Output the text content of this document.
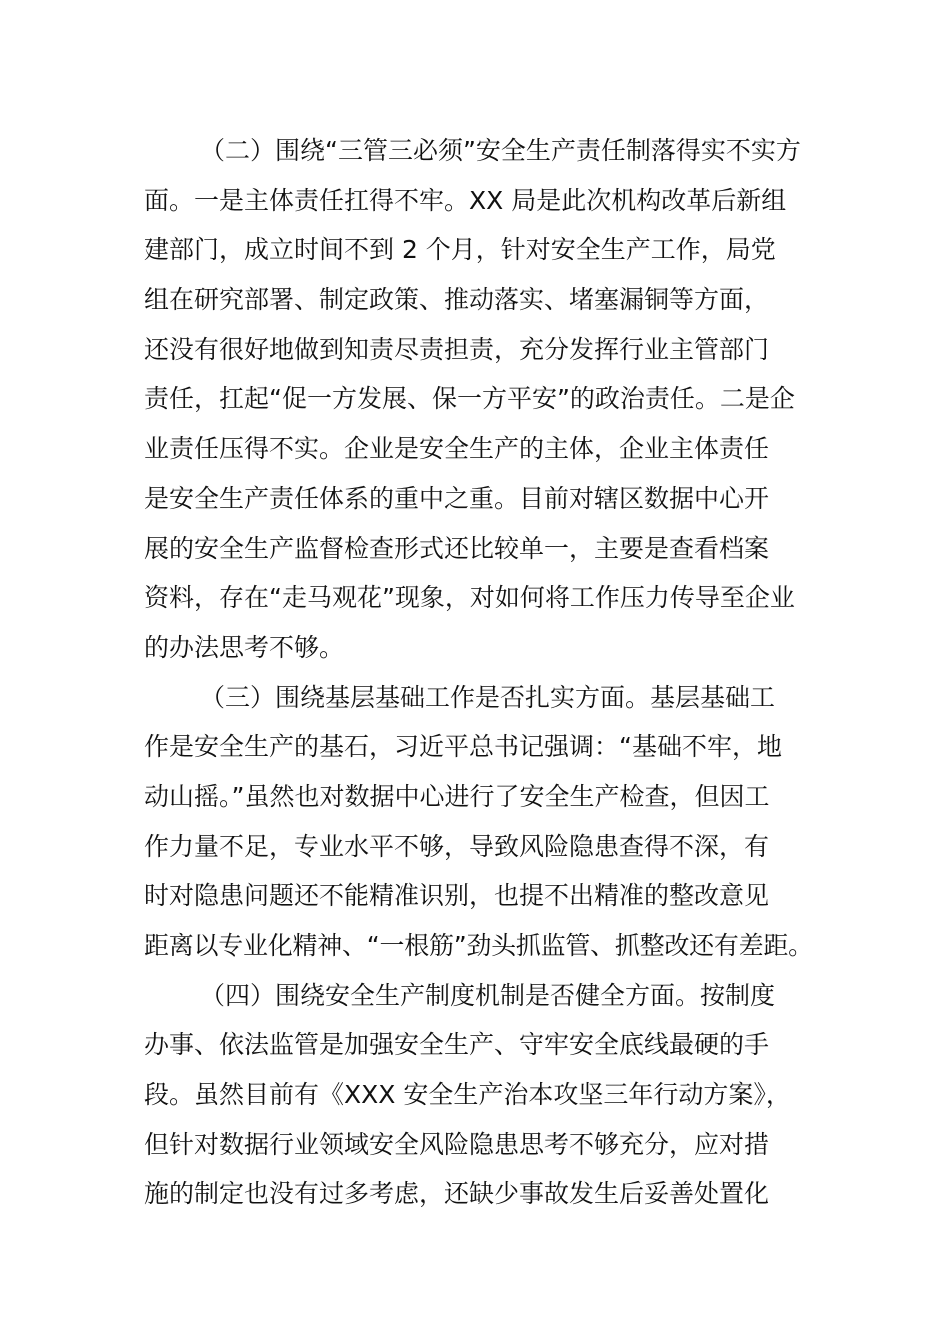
（二）围绕“三管三必须”安全生产责任制落得实不实方
面。一是主体责任扛得不牢。XX 局是此次机构改革后新组
建部门，成立时间不到 2 个月，针对安全生产工作，局党
组在研究部署、制定政策、推动落实、堵塞漏铜等方面，
还没有很好地做到知责尽责担责，充分发挥行业主管部门
责任，扛起“促一方发展、保一方平安”的政治责任。二是企
业责任压得不实。企业是安全生产的主体，企业主体责任
是安全生产责任体系的重中之重。目前对辖区数据中心开
展的安全生产监督检查形式还比较单一，主要是查看档案
资料，存在“走马观花”现象，对如何将工作压力传导至企业
的办法思考不够。
（三）围绕基层基础工作是否扎实方面。基层基础工
作是安全生产的基石，习近平总书记强调：“基础不牢，地
动山摇。”虽然也对数据中心进行了安全生产检查，但因工
作力量不足，专业水平不够，导致风险隐患查得不深，有
时对隐患问题还不能精准识别，也提不出精准的整改意见
距离以专业化精神、“一根筋”劲头抓监管、抓整改还有差距。
（四）围绕安全生产制度机制是否健全方面。按制度
办事、依法监管是加强安全生产、守牢安全底线最硬的手
段。虽然目前有《XXX 安全生产治本攻坚三年行动方案》，
但针对数据行业领域安全风险隐患思考不够充分，应对措
施的制定也没有过多考虑，还缺少事故发生后妥善处置化
